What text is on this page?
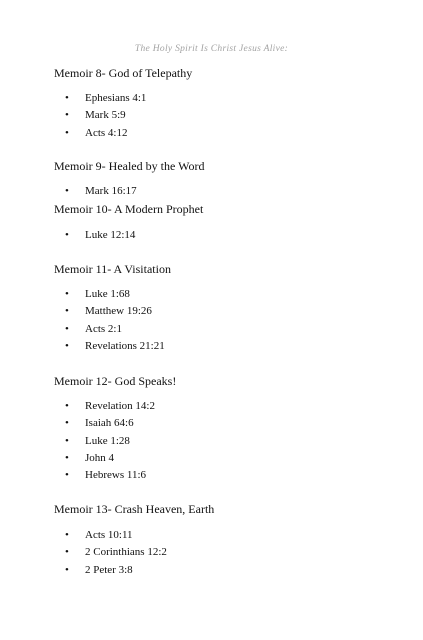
The Holy Spirit Is Christ Jesus Alive:
Memoir 8- God of Telepathy
• Ephesians 4:1
• Mark 5:9
• Acts 4:12
Memoir 9- Healed by the Word
• Mark 16:17
Memoir 10- A Modern Prophet
• Luke 12:14
Memoir 11- A Visitation
• Luke 1:68
• Matthew 19:26
• Acts 2:1
• Revelations 21:21
Memoir 12- God Speaks!
• Revelation 14:2
• Isaiah 64:6
• Luke 1:28
• John 4
• Hebrews 11:6
Memoir 13- Crash Heaven, Earth
• Acts 10:11
• 2 Corinthians 12:2
• 2 Peter 3:8
